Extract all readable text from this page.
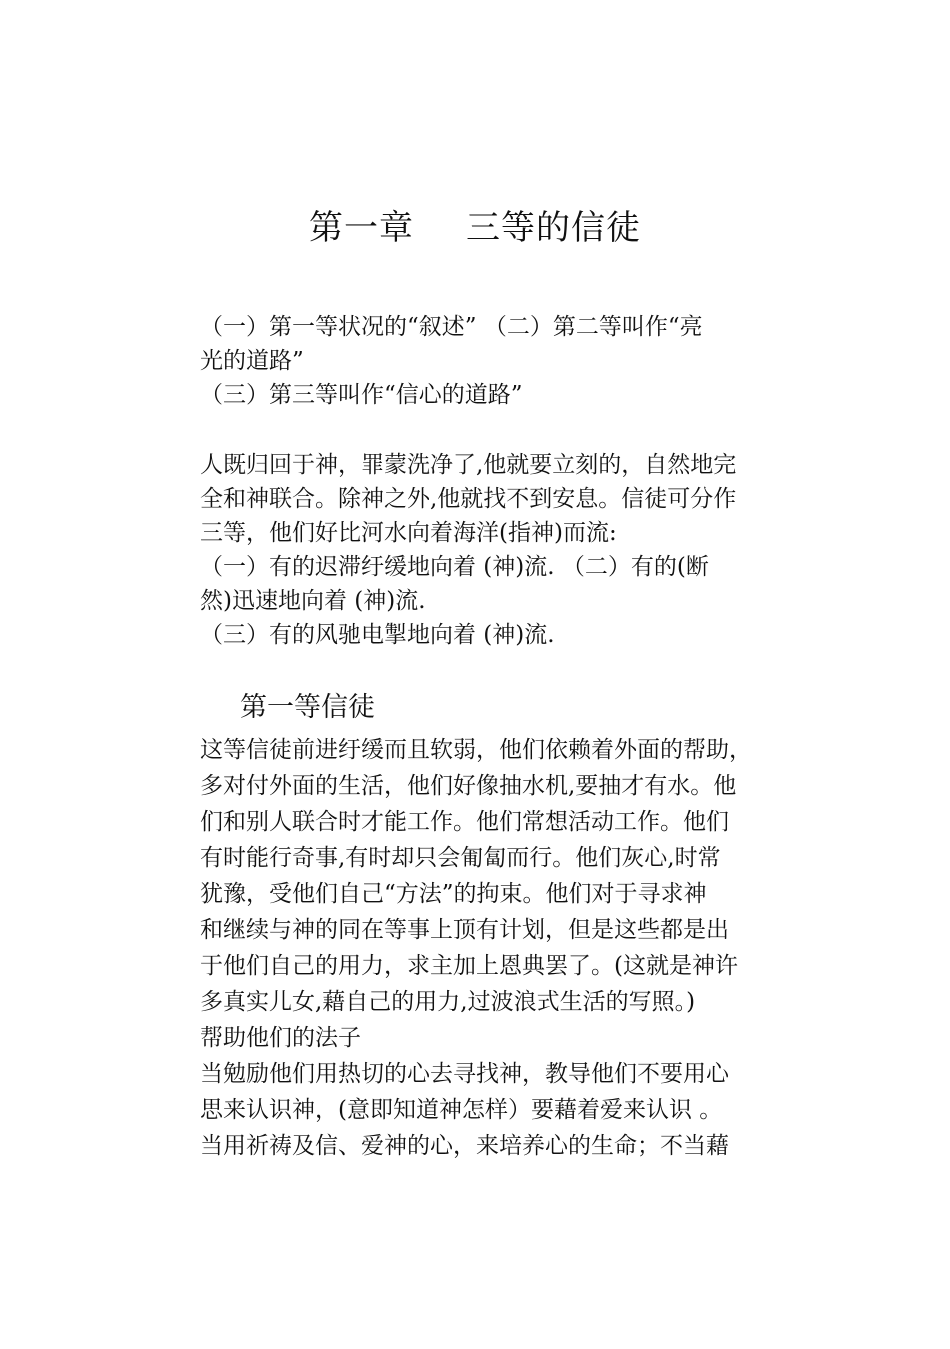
第一章 三等的信徒

（一）第一等状况的“叙述” （二）第二等叫作“亮

光的道路”

（三）第三等叫作“信心的道路”

人既归回于神，罪蒙洗净了,他就要立刻的，自然地完

全和神联合。除神之外,他就找不到安息。信徒可分作

三等，他们好比河水向着海洋(指神)而流:

（一）有的迟滞纡缓地向着 (神)流. （二）有的(断

然)迅速地向着 (神)流.

（三）有的风驰电掣地向着 (神)流.

第一等信徒

这等信徒前进纡缓而且软弱，他们依赖着外面的帮助，

多对付外面的生活，他们好像抽水机,要抽才有水。他

们和别人联合时才能工作。他们常想活动工作。他们

有时能行奇事,有时却只会匍匐而行。他们灰心,时常

犹豫，受他们自己“方法”的拘束。他们对于寻求神

和继续与神的同在等事上顶有计划，但是这些都是出

于他们自己的用力，求主加上恩典罢了。(这就是神许

多真实儿女,藉自己的用力,过波浪式生活的写照。)

帮助他们的法子

当勉励他们用热切的心去寻找神，教导他们不要用心

思来认识神，(意即知道神怎样）要藉着爱来认识 。

当用祈祷及信、爱神的心，来培养心的生命；不当藉
